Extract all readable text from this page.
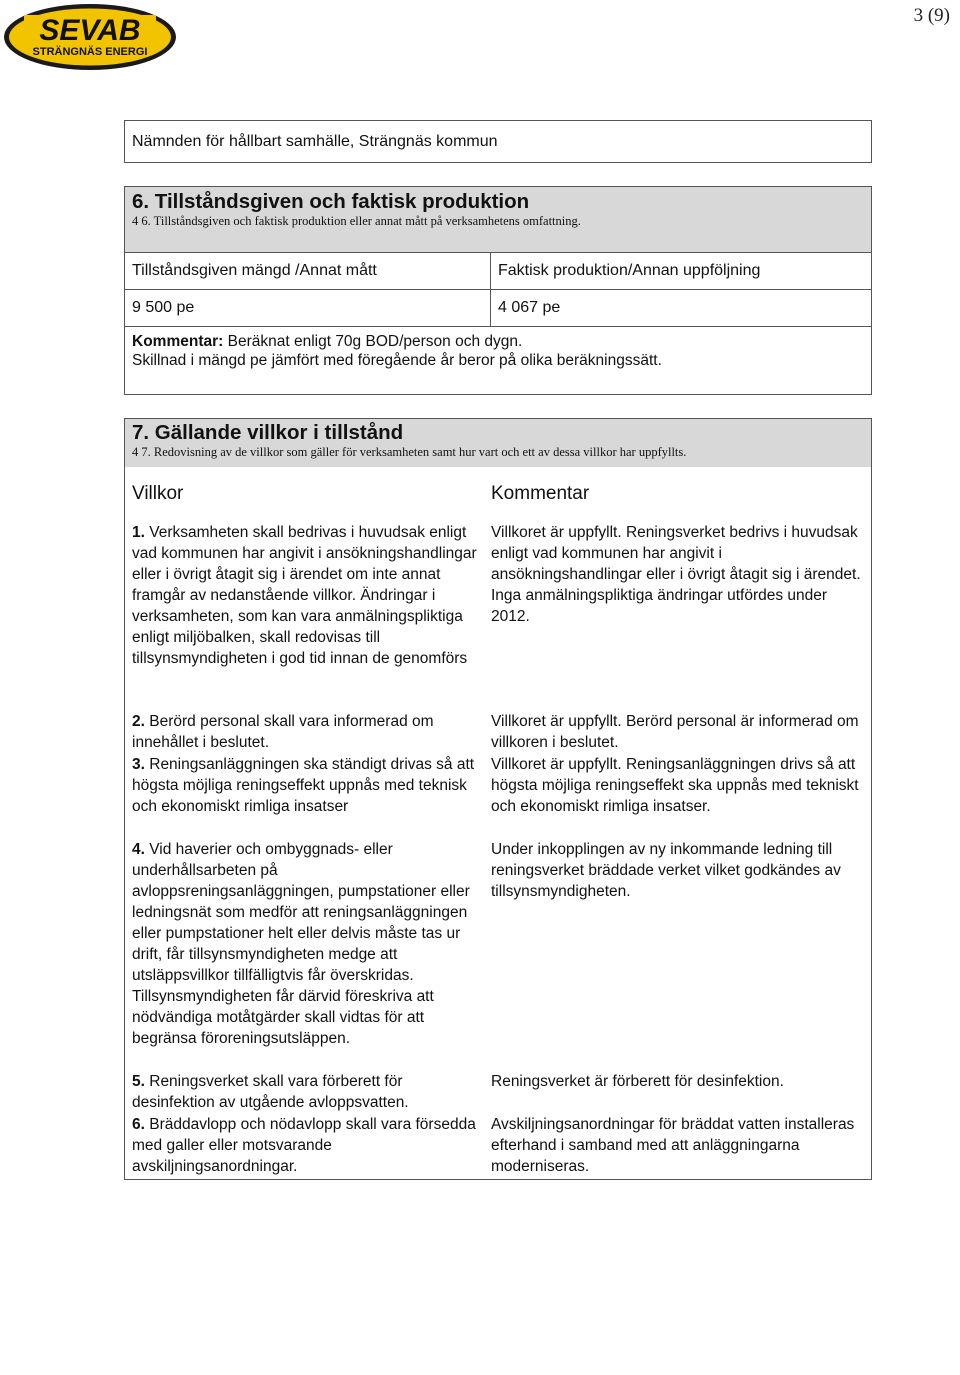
3 (9)
SEVAB
STRÄNGNÄS ENERGI
Nämnden för hållbart samhälle, Strängnäs kommun
6. Tillståndsgiven och faktisk produktion
4 6. Tillståndsgiven och faktisk produktion eller annat mått på verksamhetens omfattning.
Tillståndsgiven mängd /Annat mått	Faktisk produktion/Annan uppföljning
9 500 pe	4 067 pe
Kommentar: Beräknat enligt 70g BOD/person och dygn.
Skillnad i mängd pe jämfört med föregående år beror på olika beräkningssätt.
7. Gällande villkor i tillstånd
4 7. Redovisning av de villkor som gäller för verksamheten samt hur vart och ett av dessa villkor har uppfyllts.
Villkor	Kommentar
1. Verksamheten skall bedrivas i huvudsak enligt vad kommunen har angivit i ansökningshandlingar eller i övrigt åtagit sig i ärendet om inte annat framgår av nedanstående villkor. Ändringar i verksamheten, som kan vara anmälningspliktiga enligt miljöbalken, skall redovisas till tillsynsmyndigheten i god tid innan de genomförs
Villkoret är uppfyllt. Reningsverket bedrivs i huvudsak enligt vad kommunen har angivit i ansökningshandlingar eller i övrigt åtagit sig i ärendet. Inga anmälningspliktiga ändringar utfördes under 2012.
2. Berörd personal skall vara informerad om innehållet i beslutet.
Villkoret är uppfyllt. Berörd personal är informerad om villkoren i beslutet.
3. Reningsanläggningen ska ständigt drivas så att högsta möjliga reningseffekt uppnås med teknisk och ekonomiskt rimliga insatser
Villkoret är uppfyllt. Reningsanläggningen drivs så att högsta möjliga reningseffekt ska uppnås med tekniskt och ekonomiskt rimliga insatser.
4. Vid haverier och ombyggnads- eller underhållsarbeten på avloppsreningsanläggningen, pumpstationer eller ledningsnät som medför att reningsanläggningen eller pumpstationer helt eller delvis måste tas ur drift, får tillsynsmyndigheten medge att utsläppsvillkor tillfälligtvis får överskridas. Tillsynsmyndigheten får därvid föreskriva att nödvändiga motåtgärder skall vidtas för att begränsa föroreningsutsläppen.
Under inkopplingen av ny inkommande ledning till reningsverket bräddade verket vilket godkändes av tillsynsmyndigheten.
5. Reningsverket skall vara förberett för desinfektion av utgående avloppsvatten.
Reningsverket är förberett för desinfektion.
6. Bräddavlopp och nödavlopp skall vara försedda med galler eller motsvarande avskiljningsanordningar.
Avskiljningsanordningar för bräddat vatten installeras efterhand i samband med att anläggningarna moderniseras.
